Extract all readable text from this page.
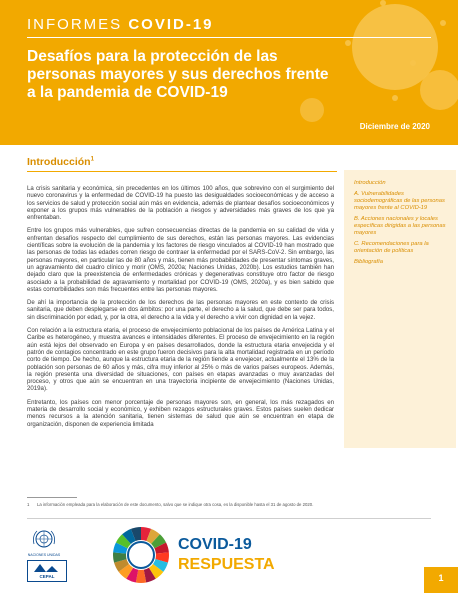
INFORMES COVID-19
Desafíos para la protección de las personas mayores y sus derechos frente a la pandemia de COVID-19
Diciembre de 2020
Introducción$^1$

La crisis sanitaria y económica, sin precedentes en los últimos 100 años, que sobrevino con el surgimiento del nuevo coronavirus y la enfermedad de COVID-19 ha puesto las desigualdades socioeconómicas y de acceso a los servicios de salud y protección social aún más en evidencia, además de plantear desafíos socioeconómicos y exponer a los grupos más vulnerables de la población a riesgos y adversidades más graves de los que ya enfrentaban.

Entre los grupos más vulnerables, que sufren consecuencias directas de la pandemia en su calidad de vida y enfrentan desafíos respecto del cumplimiento de sus derechos, están las personas mayores. Las evidencias científicas sobre la evolución de la pandemia y los factores de riesgo vinculados al COVID-19 han mostrado que las personas de todas las edades corren riesgo de contraer la enfermedad por el SARS-CoV-2. Sin embargo, las personas mayores, en particular las de 80 años y más, tienen más probabilidades de presentar síntomas graves, un agravamiento del cuadro clínico y morir (OMS, 2020a; Naciones Unidas, 2020b). Los estudios también han dejado claro que la preexistencia de enfermedades crónicas y degenerativas constituye otro factor de riesgo asociado a la probabilidad de agravamiento y mortalidad por COVID-19 (OMS, 2020a), y es bien sabido que estas comorbilidades son más frecuentes entre las personas mayores.

De ahí la importancia de la protección de los derechos de las personas mayores en este contexto de crisis sanitaria, que deben desplegarse en dos ámbitos: por una parte, el derecho a la salud, que debe ser para todos, sin discriminación por edad, y, por la otra, el derecho a la vida y el derecho a vivir con dignidad en la vejez.

Con relación a la estructura etaria, el proceso de envejecimiento poblacional de los países de América Latina y el Caribe es heterogéneo, y muestra avances e intensidades diferentes. El proceso de envejecimiento en la región aún está lejos del observado en Europa y en países desarrollados, donde la estructura etaria envejecida y el patrón de contagios concentrado en este grupo fueron decisivos para la alta mortalidad registrada en un período corto de tiempo. De hecho, aunque la estructura etaria de la región tiende a envejecer, actualmente el 13% de la población son personas de 60 años y más, cifra muy inferior al 25% o más de varios países europeos. Además, la región presenta una diversidad de situaciones, con países en etapas avanzadas o muy avanzadas del proceso, y otros que aún se encuentran en una trayectoria incipiente de envejecimiento (Naciones Unidas, 2019a).

Entretanto, los países con menor porcentaje de personas mayores son, en general, los más rezagados en materia de desarrollo social y económico, y exhiben rezagos estructurales graves. Estos países suelen dedicar menos recursos a la atención sanitaria, tienen sistemas de salud que aún se encuentran en etapa de organización, disponen de experiencia limitada

Introducción
A. Vulnerabilidades sociodemográficas de las personas mayores frente al COVID-19
B. Acciones nacionales y locales específicas dirigidas a las personas mayores
C. Recomendaciones para la orientación de políticas
Bibliografía
1 La información empleada para la elaboración de este documento, salvo que se indique otra cosa, es la disponible hasta el 31 de agosto de 2020.
NACIONES UNIDAS
CEPAL
COVID-19
RESPUESTA
1
